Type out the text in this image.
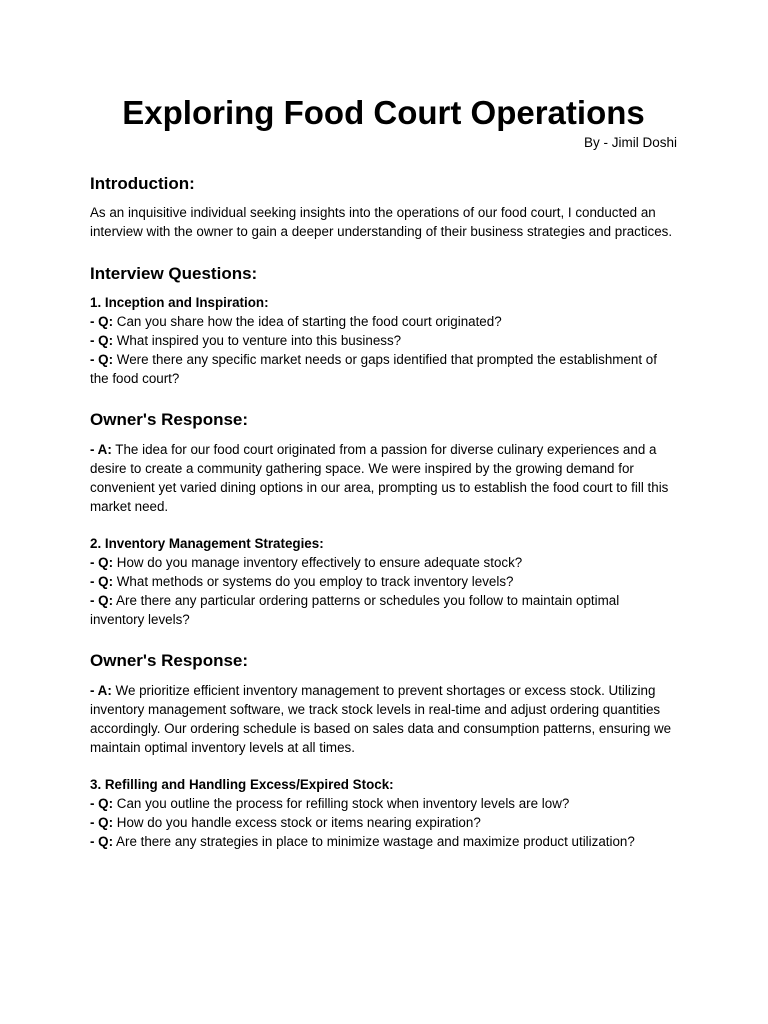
Exploring Food Court Operations

By - Jimil Doshi

Introduction:

As an inquisitive individual seeking insights into the operations of our food court, I conducted an interview with the owner to gain a deeper understanding of their business strategies and practices.

Interview Questions:
1. Inception and Inspiration:
- Q: Can you share how the idea of starting the food court originated?
- Q: What inspired you to venture into this business?
- Q: Were there any specific market needs or gaps identified that prompted the establishment of the food court?
Owner's Response:

- A: The idea for our food court originated from a passion for diverse culinary experiences and a desire to create a community gathering space. We were inspired by the growing demand for convenient yet varied dining options in our area, prompting us to establish the food court to fill this market need.

2. Inventory Management Strategies:
- Q: How do you manage inventory effectively to ensure adequate stock?
- Q: What methods or systems do you employ to track inventory levels?
- Q: Are there any particular ordering patterns or schedules you follow to maintain optimal inventory levels?
Owner's Response:

- A: We prioritize efficient inventory management to prevent shortages or excess stock. Utilizing inventory management software, we track stock levels in real-time and adjust ordering quantities accordingly. Our ordering schedule is based on sales data and consumption patterns, ensuring we maintain optimal inventory levels at all times.

3. Refilling and Handling Excess/Expired Stock:
- Q: Can you outline the process for refilling stock when inventory levels are low?
- Q: How do you handle excess stock or items nearing expiration?
- Q: Are there any strategies in place to minimize wastage and maximize product utilization?
